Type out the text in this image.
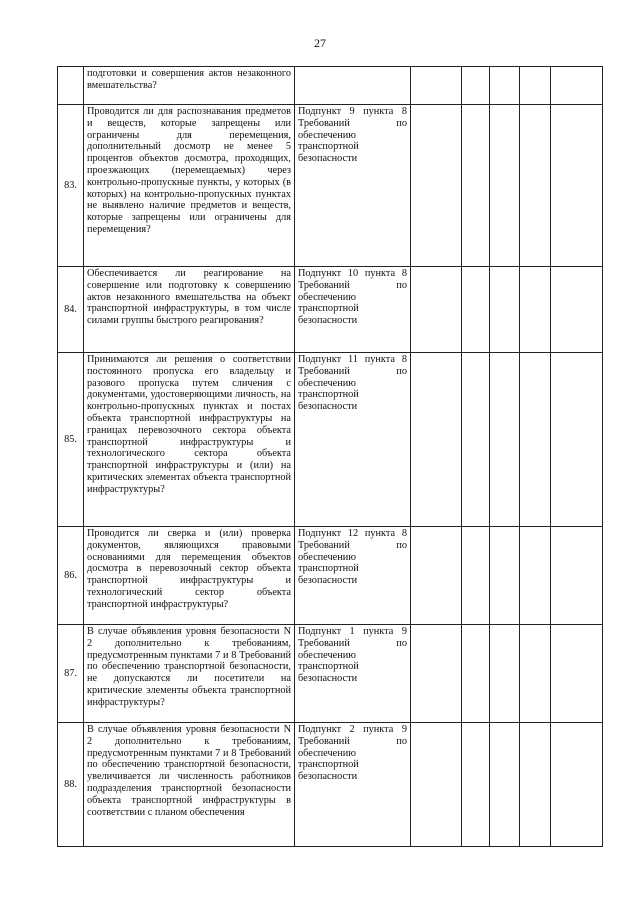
27
	подготовки и совершения актов незаконного вмешательства?						
83.	Проводится ли для распознавания предметов и веществ, которые запрещены или ограничены для перемещения, дополнительный досмотр не менее 5 процентов объектов досмотра, проходящих, проезжающих (перемещаемых) через контрольно-пропускные пункты, у которых (в которых) на контрольно-пропускных пунктах не выявлено наличие предметов и веществ, которые запрещены или ограничены для перемещения?	Подпункт 9 пункта 8 Требований по обеспечению транспортной безопасности					
84.	Обеспечивается ли реагирование на совершение или подготовку к совершению актов незаконного вмешательства на объект транспортной инфраструктуры, в том числе силами группы быстрого реагирования?	Подпункт 10 пункта 8 Требований по обеспечению транспортной безопасности					
85.	Принимаются ли решения о соответствии постоянного пропуска его владельцу и разового пропуска путем сличения с документами, удостоверяющими личность, на контрольно-пропускных пунктах и постах объекта транспортной инфраструктуры на границах перевозочного сектора объекта транспортной инфраструктуры и технологического сектора объекта транспортной инфраструктуры и (или) на критических элементах объекта транспортной инфраструктуры?	Подпункт 11 пункта 8 Требований по обеспечению транспортной безопасности					
86.	Проводится ли сверка и (или) проверка документов, являющихся правовыми основаниями для перемещения объектов досмотра в перевозочный сектор объекта транспортной инфраструктуры и технологический сектор объекта транспортной инфраструктуры?	Подпункт 12 пункта 8 Требований по обеспечению транспортной безопасности					
87.	В случае объявления уровня безопасности N 2 дополнительно к требованиям, предусмотренным пунктами 7 и 8 Требований по обеспечению транспортной безопасности, не допускаются ли посетители на критические элементы объекта транспортной инфраструктуры?	Подпункт 1 пункта 9 Требований по обеспечению транспортной безопасности					
88.	В случае объявления уровня безопасности N 2 дополнительно к требованиям, предусмотренным пунктами 7 и 8 Требований по обеспечению транспортной безопасности, увеличивается ли численность работников подразделения транспортной безопасности объекта транспортной инфраструктуры в соответствии с планом обеспечения	Подпункт 2 пункта 9 Требований по обеспечению транспортной безопасности					
